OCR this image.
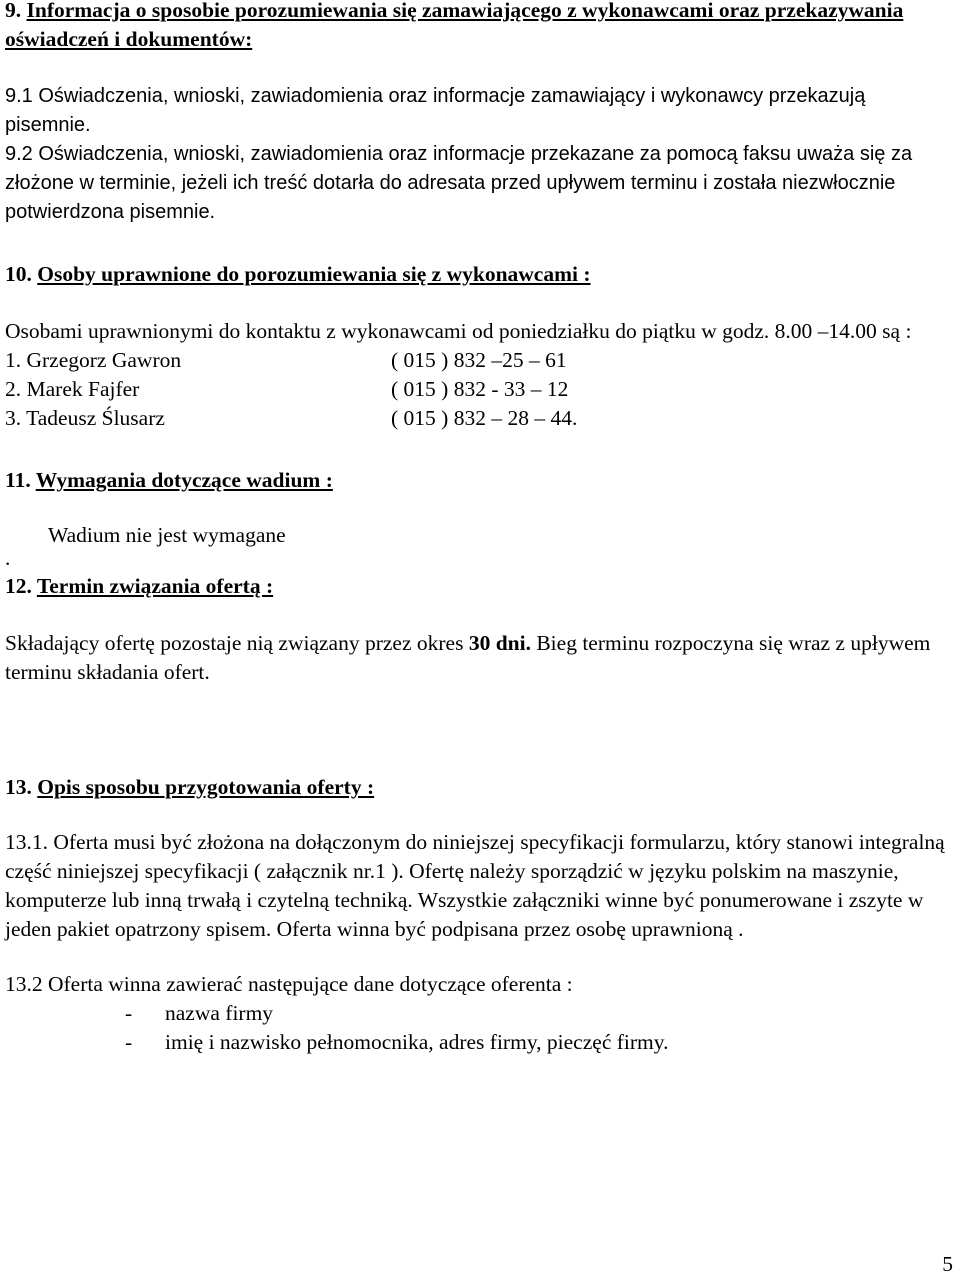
9. Informacja o sposobie porozumiewania się zamawiającego z wykonawcami oraz przekazywania oświadczeń i dokumentów:

9.1 Oświadczenia, wnioski, zawiadomienia oraz informacje zamawiający i wykonawcy przekazują pisemnie.

9.2 Oświadczenia, wnioski, zawiadomienia oraz informacje przekazane za pomocą faksu uważa się za złożone w terminie, jeżeli ich treść dotarła do adresata przed upływem terminu i została niezwłocznie potwierdzona pisemnie.

10. Osoby uprawnione do porozumiewania się z wykonawcami :

Osobami uprawnionymi do kontaktu z wykonawcami od poniedziałku do piątku w godz. 8.00 –14.00 są :

1. Grzegorz Gawron	( 015 ) 832 –25 – 61
2. Marek Fajfer	( 015 ) 832 - 33 – 12
3. Tadeusz Ślusarz	( 015 ) 832 – 28 – 44.

11. Wymagania dotyczące wadium :

Wadium nie jest wymagane

.

12. Termin związania ofertą :

Składający ofertę pozostaje nią związany przez okres 30 dni. Bieg terminu rozpoczyna się wraz z upływem terminu składania ofert.

13. Opis sposobu przygotowania oferty :

13.1. Oferta musi być złożona na dołączonym do niniejszej specyfikacji formularzu, który stanowi integralną część niniejszej specyfikacji ( załącznik nr.1 ). Ofertę należy sporządzić w języku polskim na maszynie, komputerze lub inną trwałą i czytelną techniką. Wszystkie załączniki winne być ponumerowane i zszyte w jeden pakiet opatrzony spisem. Oferta winna być podpisana przez osobę uprawnioną .

13.2 Oferta winna zawierać następujące dane dotyczące oferenta :

- nazwa firmy
- imię i nazwisko pełnomocnika, adres firmy, pieczęć firmy.
5
